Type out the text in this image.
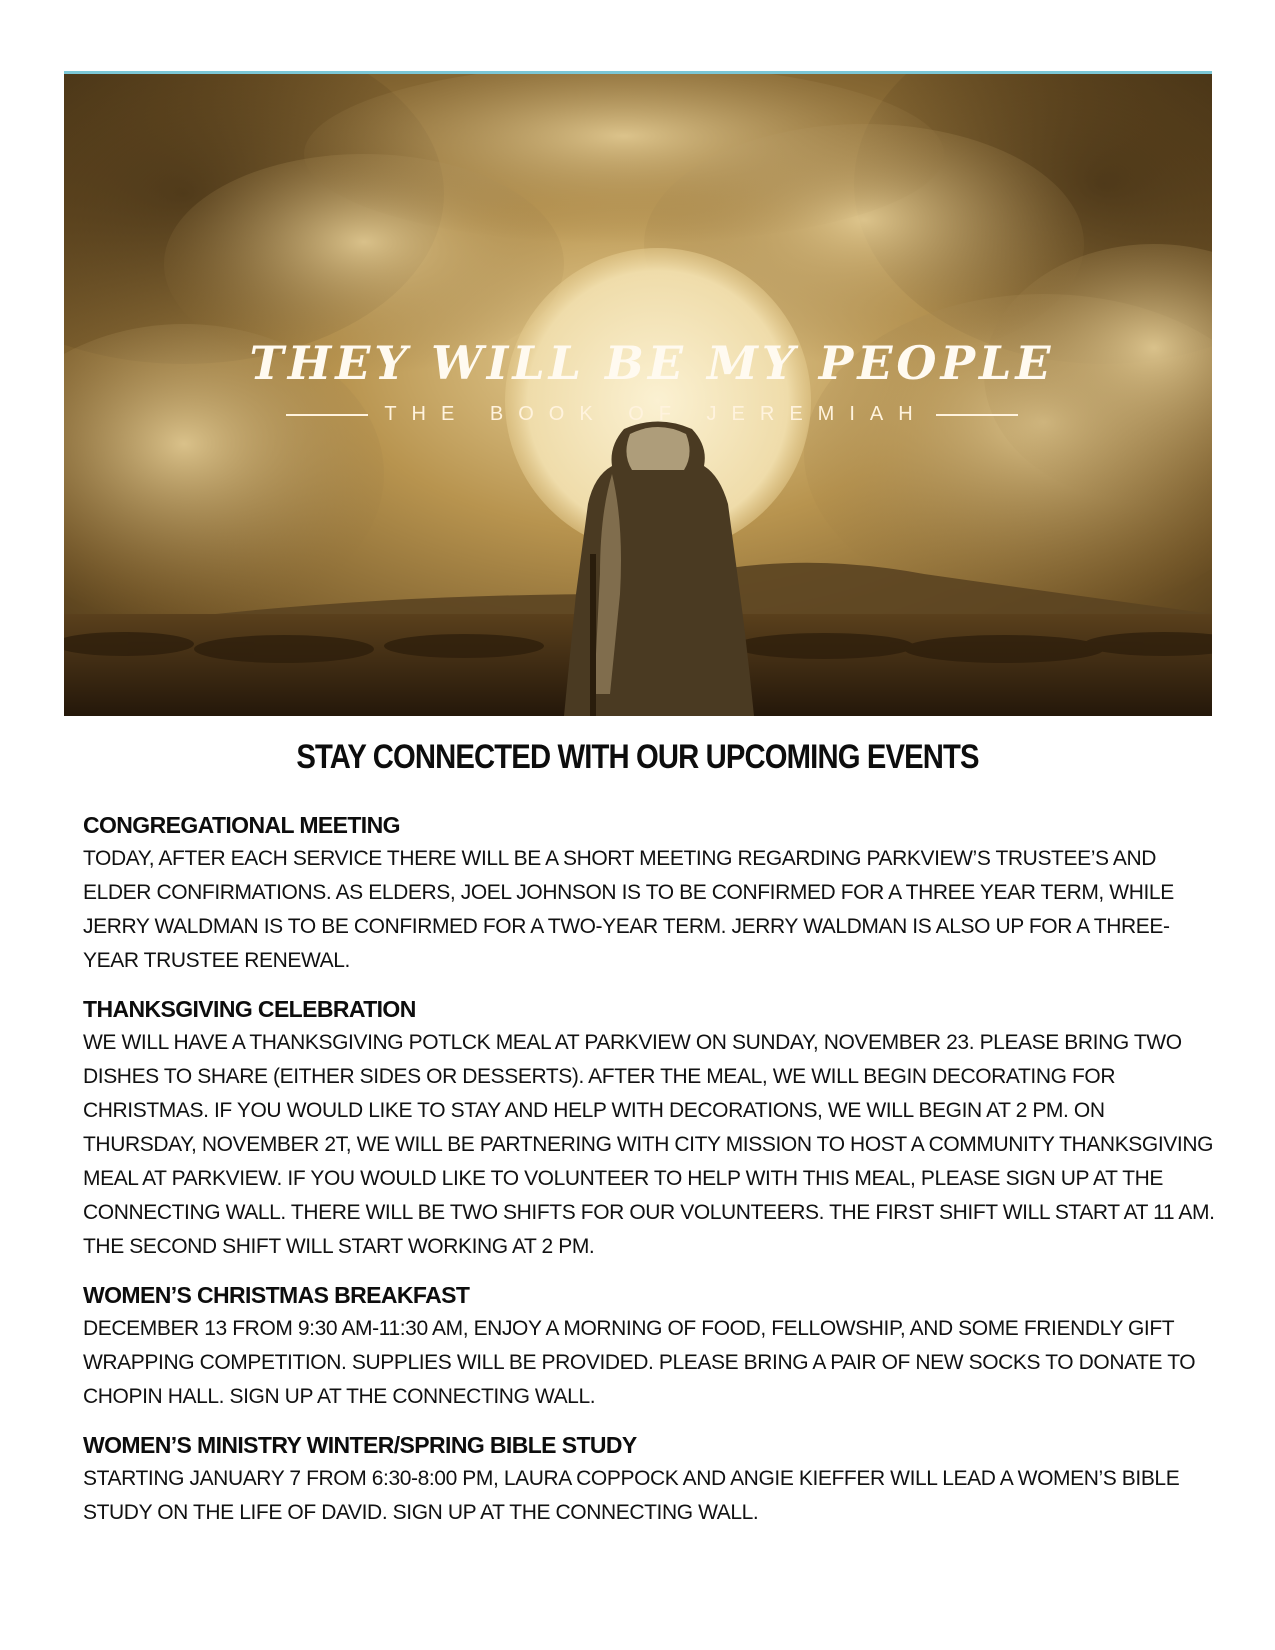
THEY WILL BE MY PEOPLE

THE BOOK OF JEREMIAH
STAY CONNECTED WITH OUR UPCOMING EVENTS
CONGREGATIONAL MEETING

TODAY, AFTER EACH SERVICE THERE WILL BE A SHORT MEETING REGARDING PARKVIEW’S TRUSTEE’S AND ELDER CONFIRMATIONS. AS ELDERS, JOEL JOHNSON IS TO BE CONFIRMED FOR A THREE YEAR TERM, WHILE JERRY WALDMAN IS TO BE CONFIRMED FOR A TWO-YEAR TERM. JERRY WALDMAN IS ALSO UP FOR A THREE-YEAR TRUSTEE RENEWAL.

THANKSGIVING CELEBRATION

WE WILL HAVE A THANKSGIVING POTLCK MEAL AT PARKVIEW ON SUNDAY, NOVEMBER 23. PLEASE BRING TWO DISHES TO SHARE (EITHER SIDES OR DESSERTS). AFTER THE MEAL, WE WILL BEGIN DECORATING FOR CHRISTMAS. IF YOU WOULD LIKE TO STAY AND HELP WITH DECORATIONS, WE WILL BEGIN AT 2 PM. ON THURSDAY, NOVEMBER 2T, WE WILL BE PARTNERING WITH CITY MISSION TO HOST A COMMUNITY THANKSGIVING MEAL AT PARKVIEW. IF YOU WOULD LIKE TO VOLUNTEER TO HELP WITH THIS MEAL, PLEASE SIGN UP AT THE CONNECTING WALL. THERE WILL BE TWO SHIFTS FOR OUR VOLUNTEERS. THE FIRST SHIFT WILL START AT 11 AM. THE SECOND SHIFT WILL START WORKING AT 2 PM.

WOMEN’S CHRISTMAS BREAKFAST

DECEMBER 13 FROM 9:30 AM-11:30 AM, ENJOY A MORNING OF FOOD, FELLOWSHIP, AND SOME FRIENDLY GIFT WRAPPING COMPETITION. SUPPLIES WILL BE PROVIDED. PLEASE BRING A PAIR OF NEW SOCKS TO DONATE TO CHOPIN HALL. SIGN UP AT THE CONNECTING WALL.

WOMEN’S MINISTRY WINTER/SPRING BIBLE STUDY

STARTING JANUARY 7 FROM 6:30-8:00 PM, LAURA COPPOCK AND ANGIE KIEFFER WILL LEAD A WOMEN’S BIBLE STUDY ON THE LIFE OF DAVID. SIGN UP AT THE CONNECTING WALL.
